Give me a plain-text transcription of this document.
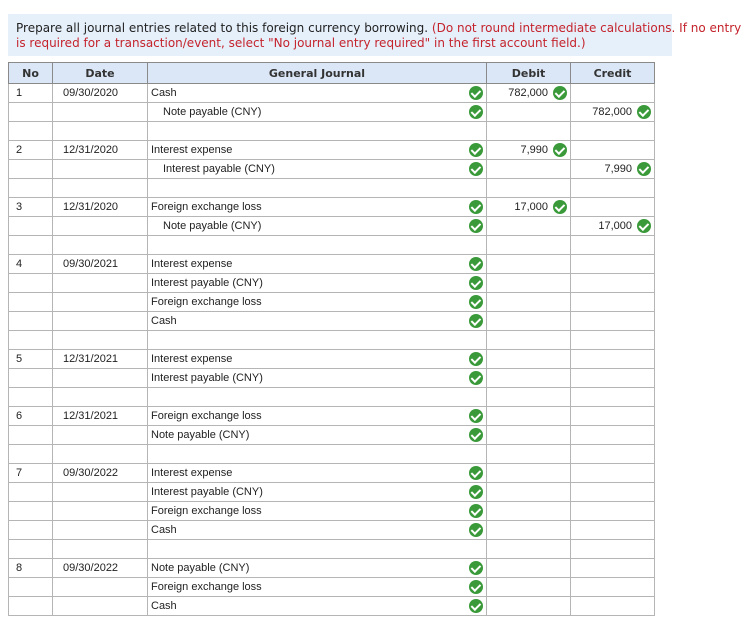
Prepare all journal entries related to this foreign currency borrowing. (Do not round intermediate calculations. If no entry
is required for a transaction/event, select "No journal entry required" in the first account field.)
No	Date	General Journal	Debit	Credit
1	09/30/2020	Cash	782,000

		Note payable (CNY)		782,000

2	12/31/2020	Interest expense	7,990

		Interest payable (CNY)		7,990

3	12/31/2020	Foreign exchange loss	17,000

		Note payable (CNY)		17,000

4	09/30/2021	Interest expense

		Interest payable (CNY)

		Foreign exchange loss

		Cash

5	12/31/2021	Interest expense

		Interest payable (CNY)

6	12/31/2021	Foreign exchange loss

		Note payable (CNY)

7	09/30/2022	Interest expense

		Interest payable (CNY)

		Foreign exchange loss

		Cash

8	09/30/2022	Note payable (CNY)

		Foreign exchange loss

		Cash
